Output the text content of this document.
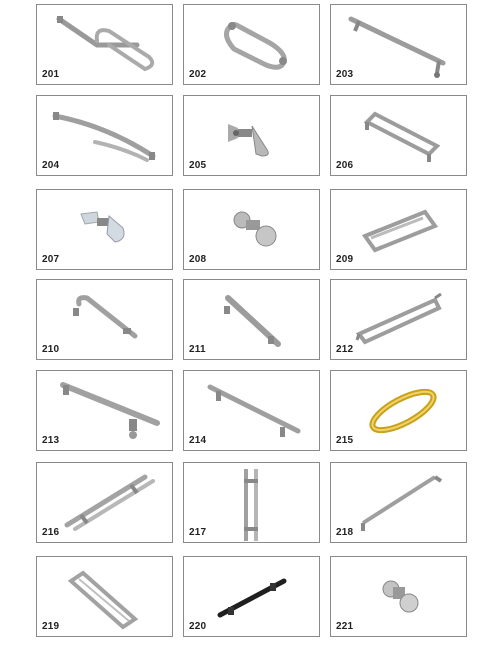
201	202	203
204	205	206
207	208	209
210	211	212
213	214	215
216	217	218
219	220	221
